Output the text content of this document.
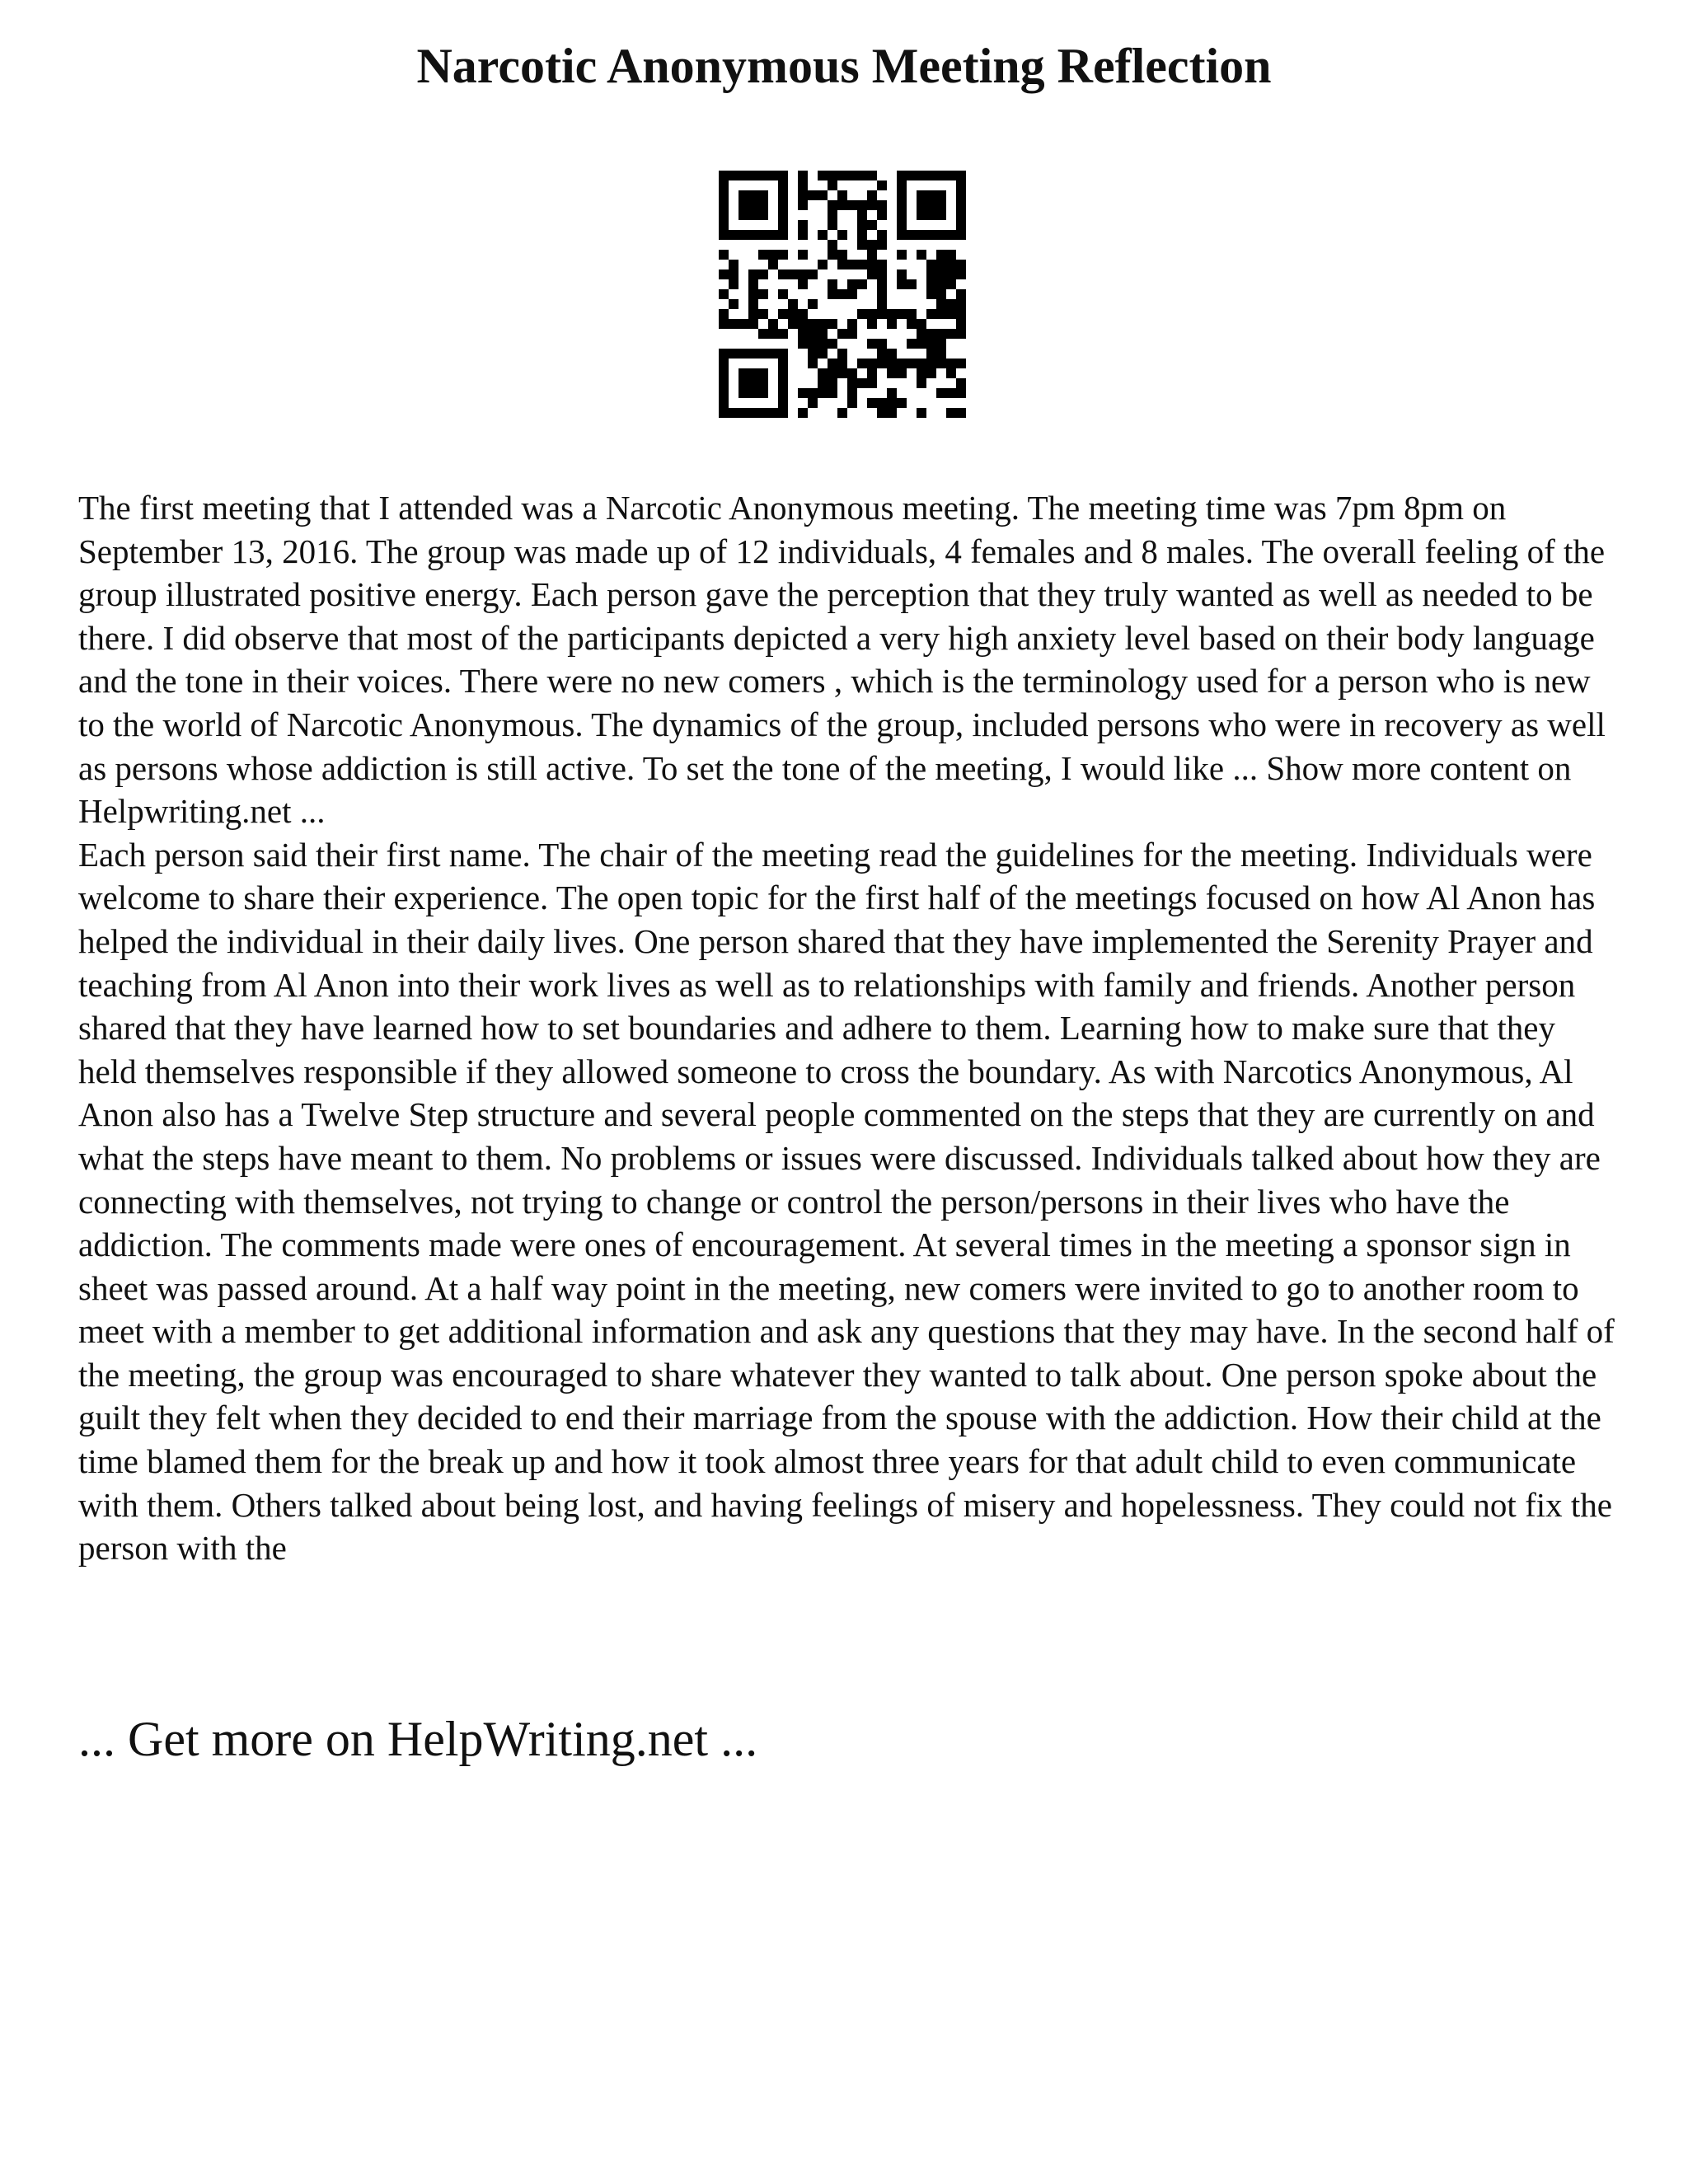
Narcotic Anonymous Meeting Reflection

The first meeting that I attended was a Narcotic Anonymous meeting. The meeting time was 7pm 8pm on September 13, 2016. The group was made up of 12 individuals, 4 females and 8 males. The overall feeling of the group illustrated positive energy. Each person gave the perception that they truly wanted as well as needed to be there. I did observe that most of the participants depicted a very high anxiety level based on their body language and the tone in their voices. There were no new comers , which is the terminology used for a person who is new to the world of Narcotic Anonymous. The dynamics of the group, included persons who were in recovery as well as persons whose addiction is still active. To set the tone of the meeting, I would like ... Show more content on Helpwriting.net ...

Each person said their first name. The chair of the meeting read the guidelines for the meeting. Individuals were welcome to share their experience. The open topic for the first half of the meetings focused on how Al Anon has helped the individual in their daily lives. One person shared that they have implemented the Serenity Prayer and teaching from Al Anon into their work lives as well as to relationships with family and friends. Another person shared that they have learned how to set boundaries and adhere to them. Learning how to make sure that they held themselves responsible if they allowed someone to cross the boundary. As with Narcotics Anonymous, Al Anon also has a Twelve Step structure and several people commented on the steps that they are currently on and what the steps have meant to them. No problems or issues were discussed. Individuals talked about how they are connecting with themselves, not trying to change or control the person/persons in their lives who have the addiction. The comments made were ones of encouragement. At several times in the meeting a sponsor sign in sheet was passed around. At a half way point in the meeting, new comers were invited to go to another room to meet with a member to get additional information and ask any questions that they may have. In the second half of the meeting, the group was encouraged to share whatever they wanted to talk about. One person spoke about the guilt they felt when they decided to end their marriage from the spouse with the addiction. How their child at the time blamed them for the break up and how it took almost three years for that adult child to even communicate with them. Others talked about being lost, and having feelings of misery and hopelessness. They could not fix the person with the

... Get more on HelpWriting.net ...
